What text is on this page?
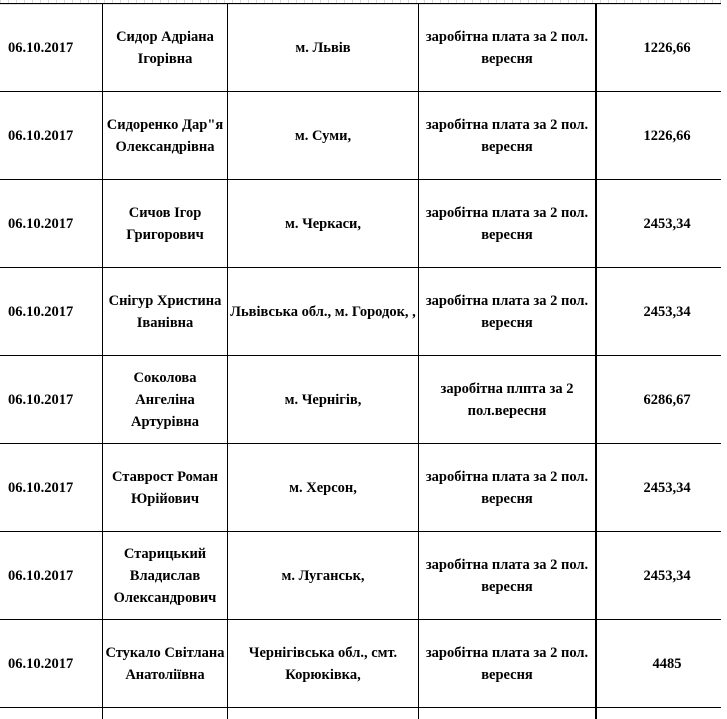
06.10.2017	Сидор Адріана Ігорівна	м. Львів	заробітна плата за 2 пол. вересня	1226,66
06.10.2017	Сидоренко Дар"я Олександрівна	м. Суми,	заробітна плата за 2 пол. вересня	1226,66
06.10.2017	Сичов Ігор Григорович	м. Черкаси,	заробітна плата за 2 пол. вересня	2453,34
06.10.2017	Снігур Христина Іванівна	Львівська обл., м. Городок, ,	заробітна плата за 2 пол. вересня	2453,34
06.10.2017	Соколова Ангеліна Артурівна	м. Чернігів,	заробітна плпта за 2 пол.вересня	6286,67
06.10.2017	Ставрост Роман Юрійович	м. Херсон,	заробітна плата за 2 пол. вересня	2453,34
06.10.2017	Старицький Владислав Олександрович	м. Луганськ,	заробітна плата за 2 пол. вересня	2453,34
06.10.2017	Стукало Світлана Анатоліївна	Чернігівська обл., смт. Корюківка,	заробітна плата за 2 пол. вересня	4485
